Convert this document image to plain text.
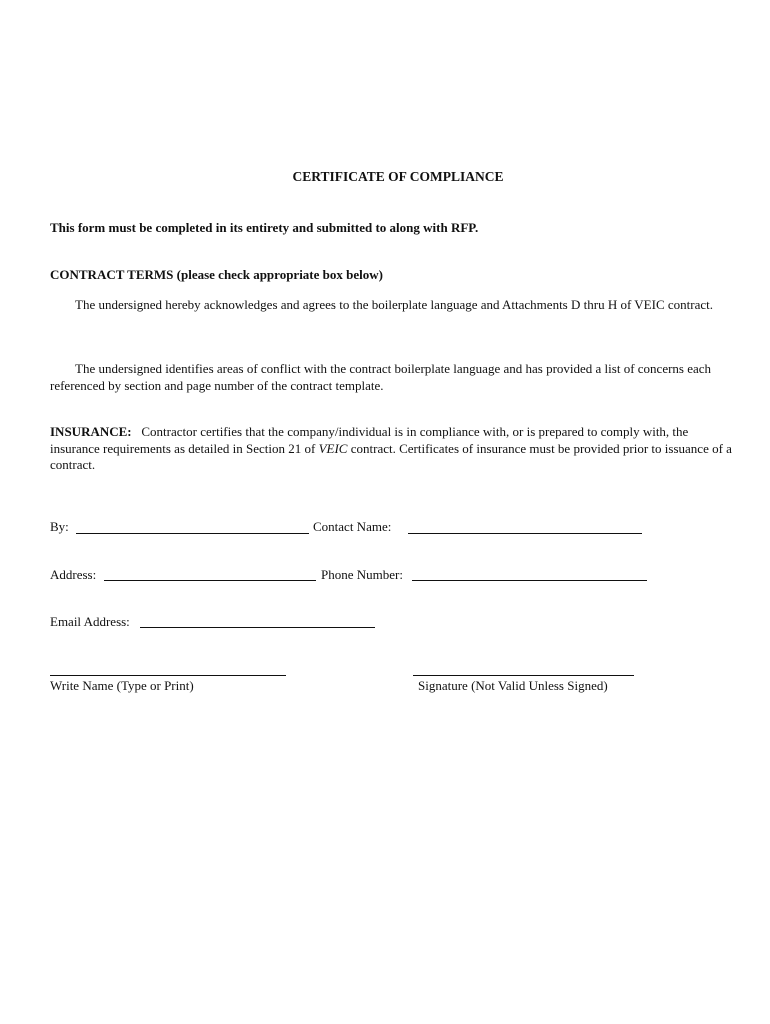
CERTIFICATE OF COMPLIANCE
This form must be completed in its entirety and submitted to along with RFP.
CONTRACT TERMS (please check appropriate box below)
The undersigned hereby acknowledges and agrees to the boilerplate language and Attachments D thru H of VEIC contract.
The undersigned identifies areas of conflict with the contract boilerplate language and has provided a list of concerns each referenced by section and page number of the contract template.
INSURANCE: Contractor certifies that the company/individual is in compliance with, or is prepared to comply with, the insurance requirements as detailed in Section 21 of VEIC contract. Certificates of insurance must be provided prior to issuance of a contract.
By:	Contact Name:
Address:	Phone Number:
Email Address:
Write Name (Type or Print)	Signature (Not Valid Unless Signed)
